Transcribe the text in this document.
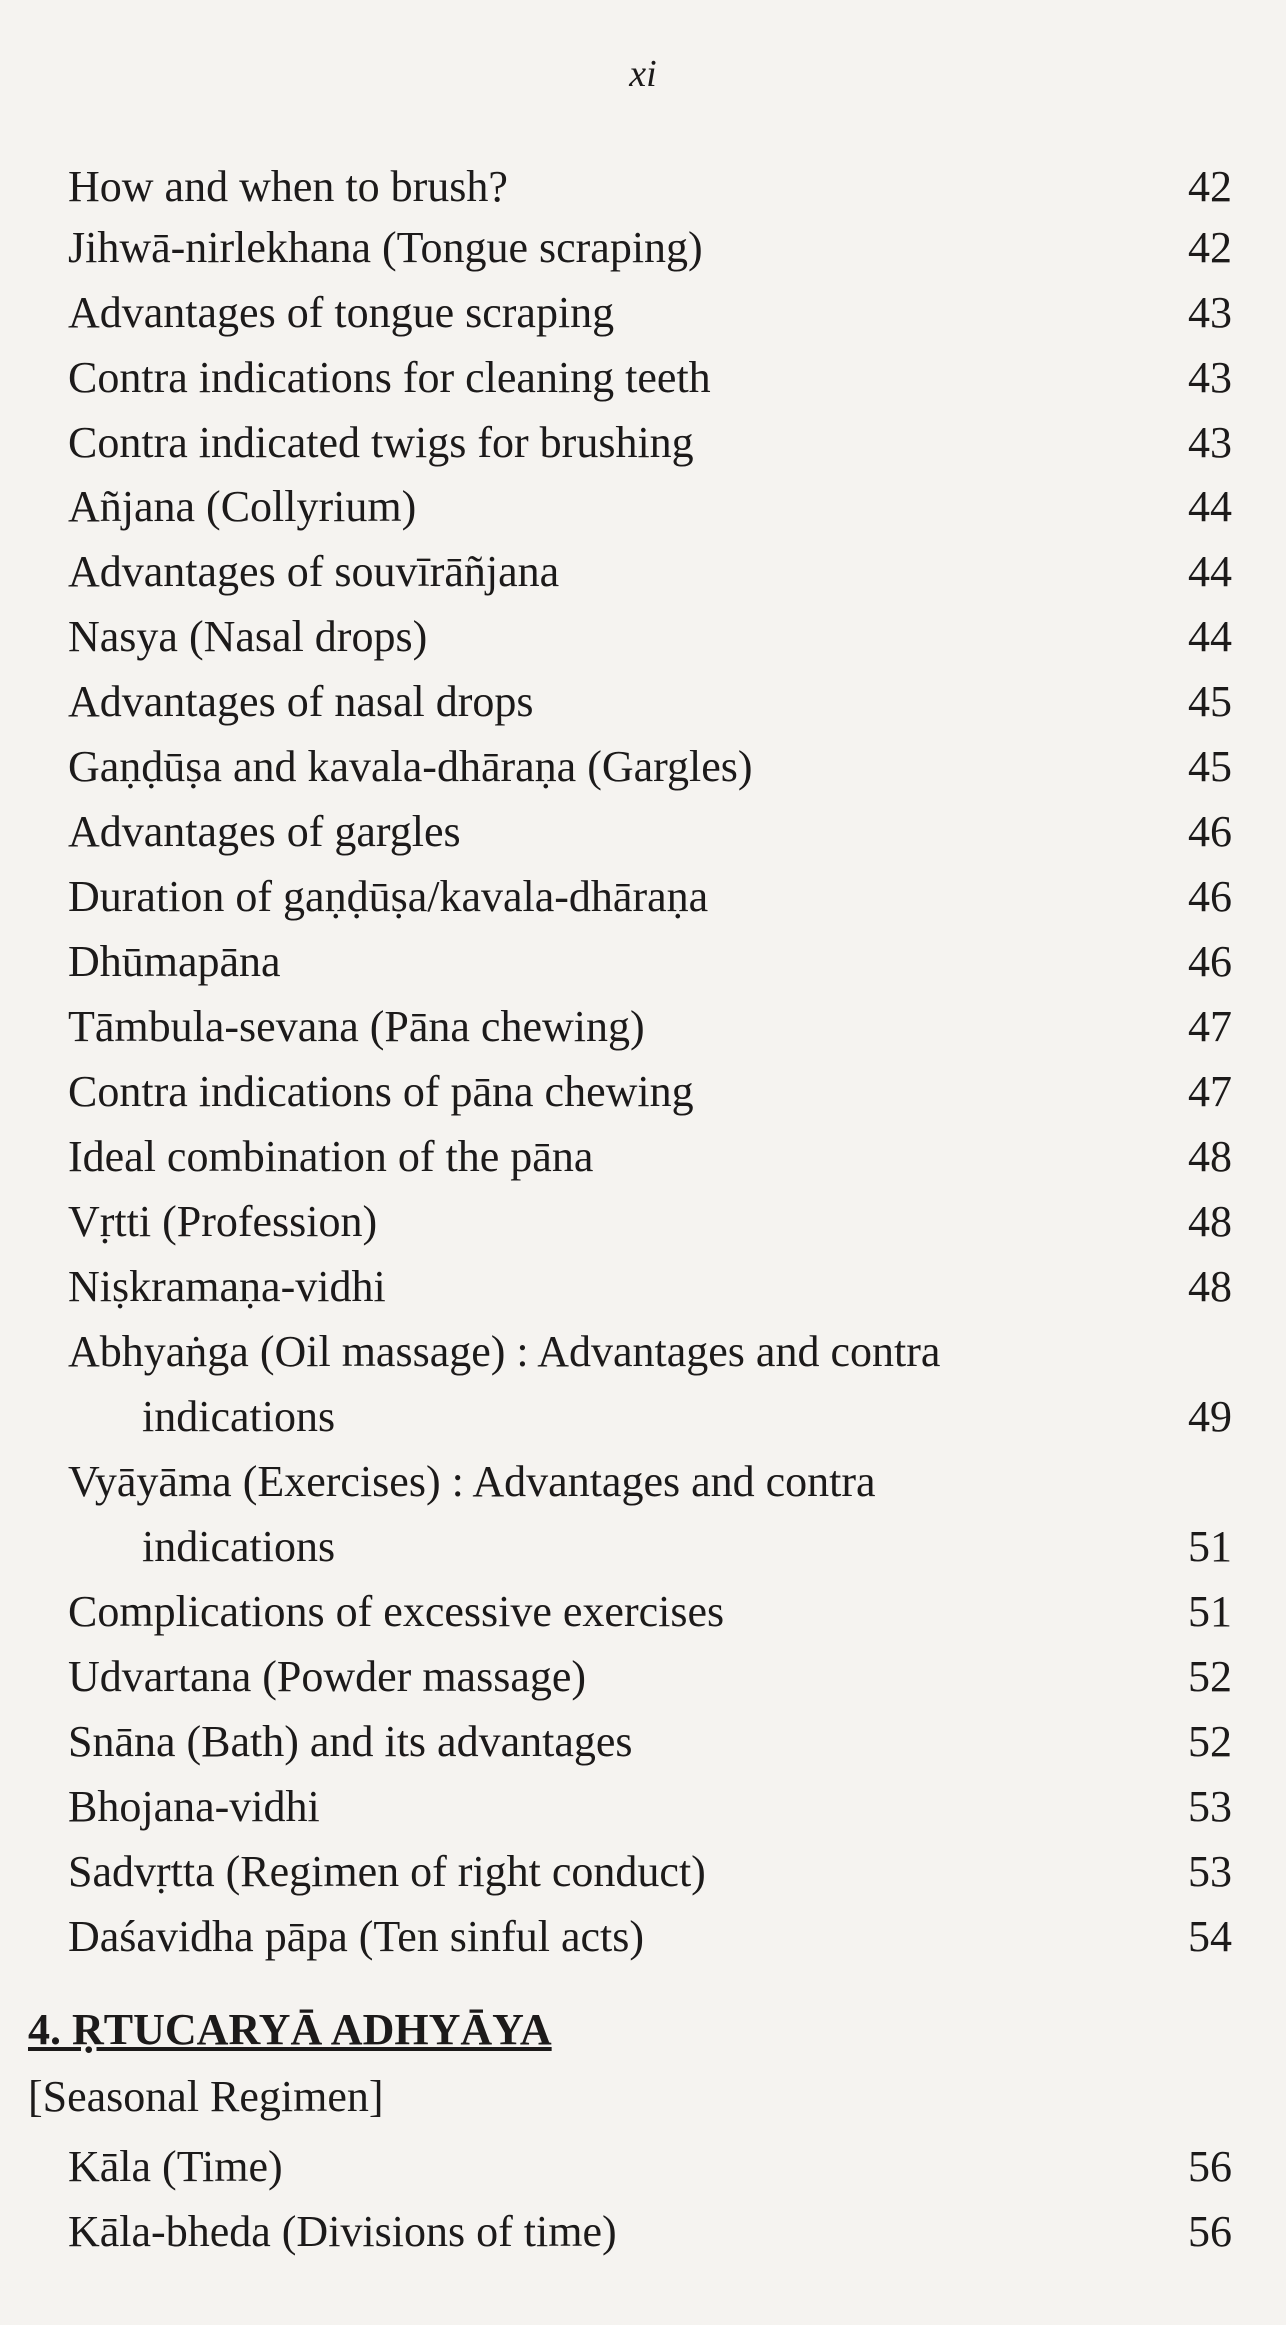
xi
How and when to brush?	42
Jihwā-nirlekhana (Tongue scraping)	42
Advantages of tongue scraping	43
Contra indications for cleaning teeth	43
Contra indicated twigs for brushing	43
Añjana (Collyrium)	44
Advantages of souvīrāñjana	44
Nasya (Nasal drops)	44
Advantages of nasal drops	45
Gaṇḍūṣa and kavala-dhāraṇa (Gargles)	45
Advantages of gargles	46
Duration of gaṇḍūṣa/kavala-dhāraṇa	46
Dhūmapāna	46
Tāmbula-sevana (Pāna chewing)	47
Contra indications of pāna chewing	47
Ideal combination of the pāna	48
Vṛtti (Profession)	48
Niṣkramaṇa-vidhi	48
Abhyaṅga (Oil massage) : Advantages and contra
indications	49
Vyāyāma (Exercises) : Advantages and contra
indications	51
Complications of excessive exercises	51
Udvartana (Powder massage)	52
Snāna (Bath) and its advantages	52
Bhojana-vidhi	53
Sadvṛtta (Regimen of right conduct)	53
Daśavidha pāpa (Ten sinful acts)	54
4. ṚTUCARYĀ ADHYĀYA
[Seasonal Regimen]
Kāla (Time)	56
Kāla-bheda (Divisions of time)	56
